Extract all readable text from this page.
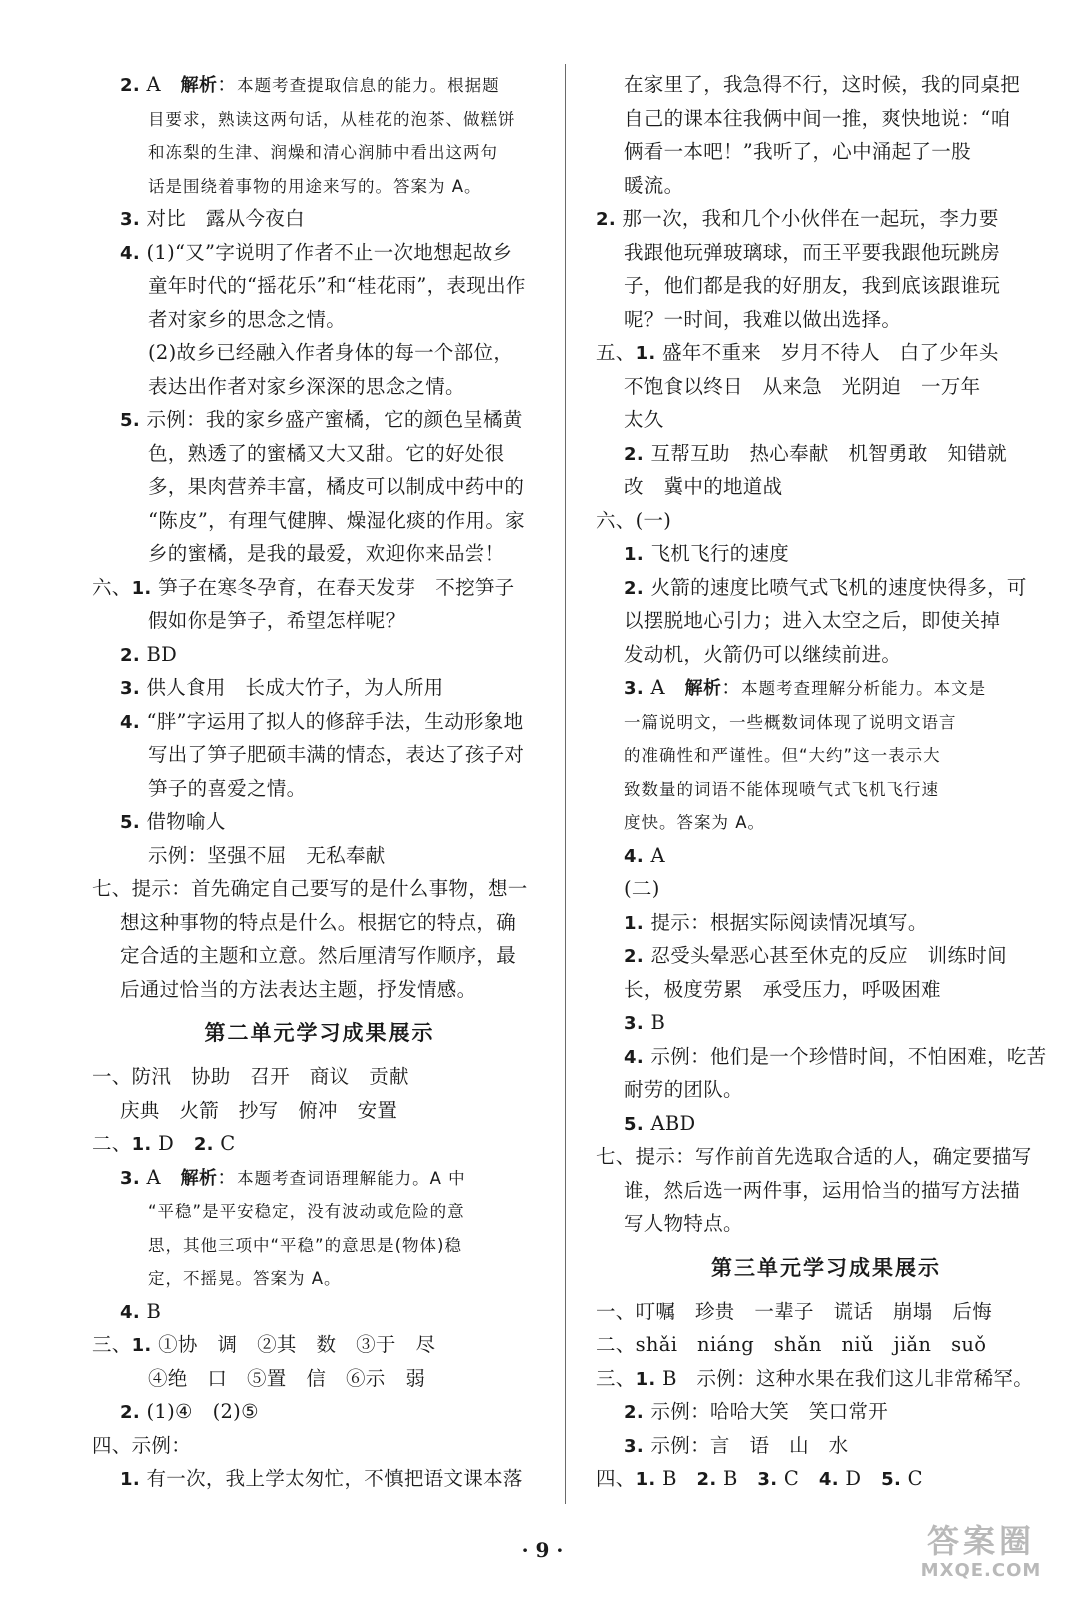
2. A　解析：本题考查提取信息的能力。根据题
目要求，熟读这两句话，从桂花的泡茶、做糕饼
和冻梨的生津、润燥和清心润肺中看出这两句
话是围绕着事物的用途来写的。答案为 A。
3. 对比　露从今夜白
4. (1)“又”字说明了作者不止一次地想起故乡
童年时代的“摇花乐”和“桂花雨”，表现出作
者对家乡的思念之情。
(2)故乡已经融入作者身体的每一个部位，
表达出作者对家乡深深的思念之情。
5. 示例：我的家乡盛产蜜橘，它的颜色呈橘黄
色，熟透了的蜜橘又大又甜。它的好处很
多，果肉营养丰富，橘皮可以制成中药中的
“陈皮”，有理气健脾、燥湿化痰的作用。家
乡的蜜橘，是我的最爱，欢迎你来品尝！
六、1. 笋子在寒冬孕育，在春天发芽　不挖笋子
假如你是笋子，希望怎样呢？
2. BD
3. 供人食用　长成大竹子，为人所用
4. “胖”字运用了拟人的修辞手法，生动形象地
写出了笋子肥硕丰满的情态，表达了孩子对
笋子的喜爱之情。
5. 借物喻人
示例：坚强不屈　无私奉献
七、提示：首先确定自己要写的是什么事物，想一
想这种事物的特点是什么。根据它的特点，确
定合适的主题和立意。然后厘清写作顺序，最
后通过恰当的方法表达主题，抒发情感。
第二单元学习成果展示
一、防汛　协助　召开　商议　贡献
庆典　火箭　抄写　俯冲　安置
二、1. D　2. C
3. A　解析：本题考查词语理解能力。A 中
“平稳”是平安稳定，没有波动或危险的意
思，其他三项中“平稳”的意思是(物体)稳
定，不摇晃。答案为 A。
4. B
三、1. ①协　调　②其　数　③于　尽
④绝　口　⑤置　信　⑥示　弱
2. (1)④　(2)⑤
四、示例：
1. 有一次，我上学太匆忙，不慎把语文课本落
在家里了，我急得不行，这时候，我的同桌把
自己的课本往我俩中间一推，爽快地说：“咱
俩看一本吧！”我听了，心中涌起了一股
暖流。
2. 那一次，我和几个小伙伴在一起玩，李力要
我跟他玩弹玻璃球，而王平要我跟他玩跳房
子，他们都是我的好朋友，我到底该跟谁玩
呢？一时间，我难以做出选择。
五、1. 盛年不重来　岁月不待人　白了少年头
不饱食以终日　从来急　光阴迫　一万年
太久
2. 互帮互助　热心奉献　机智勇敢　知错就
改　冀中的地道战
六、(一)
1. 飞机飞行的速度
2. 火箭的速度比喷气式飞机的速度快得多，可
以摆脱地心引力；进入太空之后，即使关掉
发动机，火箭仍可以继续前进。
3. A　解析：本题考查理解分析能力。本文是
一篇说明文，一些概数词体现了说明文语言
的准确性和严谨性。但“大约”这一表示大
致数量的词语不能体现喷气式飞机飞行速
度快。答案为 A。
4. A
(二)
1. 提示：根据实际阅读情况填写。
2. 忍受头晕恶心甚至休克的反应　训练时间
长，极度劳累　承受压力，呼吸困难
3. B
4. 示例：他们是一个珍惜时间，不怕困难，吃苦
耐劳的团队。
5. ABD
七、提示：写作前首先选取合适的人，确定要描写
谁，然后选一两件事，运用恰当的描写方法描
写人物特点。
第三单元学习成果展示
一、叮嘱　珍贵　一辈子　谎话　崩塌　后悔
二、shǎi　niáng　shǎn　niǔ　jiǎn　suǒ
三、1. B　示例：这种水果在我们这儿非常稀罕。
2. 示例：哈哈大笑　笑口常开
3. 示例：言　语　山　水
四、1. B　2. B　3. C　4. D　5. C
· 9 ·	答案圈
MXQE.COM
